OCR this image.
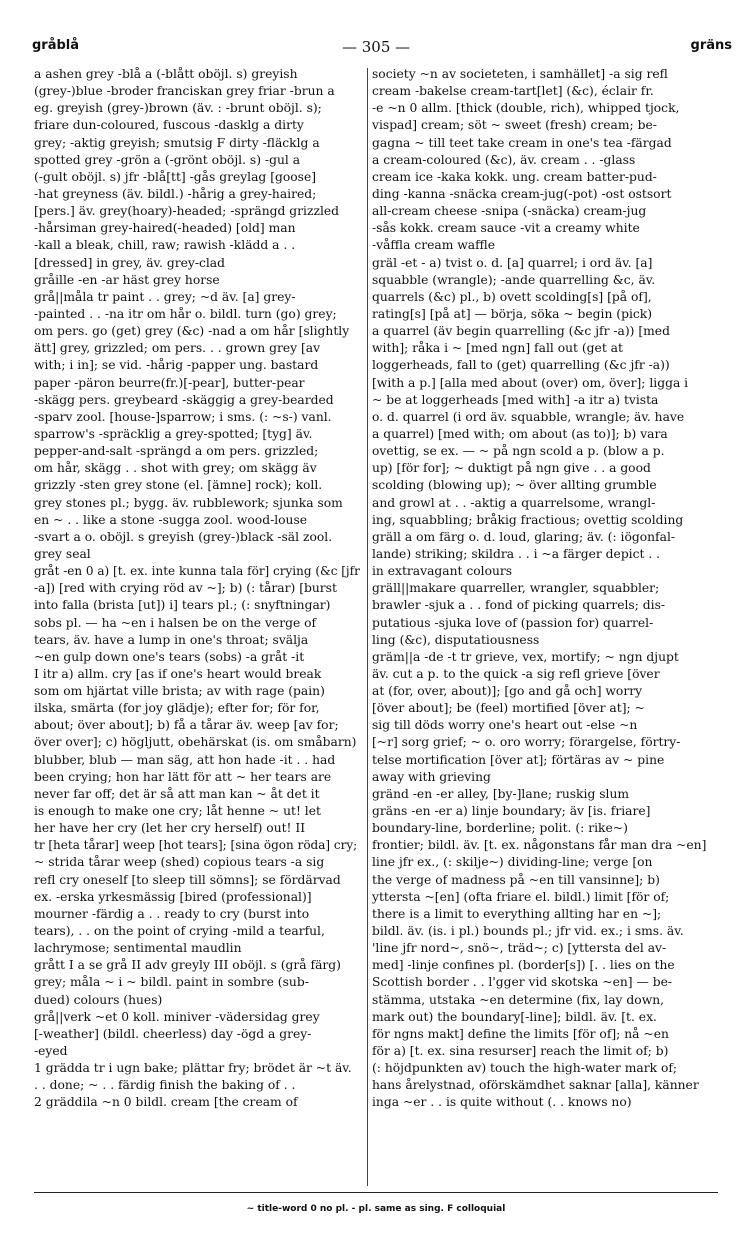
gråblå	— 305 —	gräns
a ashen grey -blå a (-blått oböjl. s) greyish
(grey-)blue -broder franciskan grey friar -brun a
eg. greyish (grey-)brown (äv. : -brunt oböjl. s);
friare dun-coloured, fuscous -dasklg a dirty
grey; -aktig greyish; smutsig F dirty -fläcklg a
spotted grey -grön a (-grönt oböjl. s) -gul a
(-gult oböjl. s) jfr -blå[tt] -gås greylag [goose]
-hat greyness (äv. bildl.) -hårig a grey-haired;
[pers.] äv. grey(hoary)-headed; -sprängd grizzled
-hårsiman grey-haired(-headed) [old] man
-kall a bleak, chill, raw; rawish -klädd a . .
[dressed] in grey, äv. grey-clad
gråille -en -ar häst grey horse
grå||måla tr paint . . grey; ~d äv. [a] grey-
-painted . . -na itr om hår o. bildl. turn (go) grey;
om pers. go (get) grey (&c) -nad a om hår [slightly
ätt] grey, grizzled; om pers. . . grown grey [av
with; i in]; se vid. -hårig -papper ung. bastard
paper -päron beurre(fr.)[-pear], butter-pear
-skägg pers. greybeard -skäggig a grey-bearded
-sparv zool. [house-]sparrow; i sms. (: ~s-) vanl.
sparrow's -spräcklig a grey-spotted; [tyg] äv.
pepper-and-salt -sprängd a om pers. grizzled;
om hår, skägg . . shot with grey; om skägg äv
grizzly -sten grey stone (el. [ämne] rock); koll.
grey stones pl.; bygg. äv. rubblework; sjunka som
en ~ . . like a stone -sugga zool. wood-louse
-svart a o. oböjl. s greyish (grey-)black -säl zool.
grey seal
gråt -en 0 a) [t. ex. inte kunna tala för] crying (&c [jfr
-a]) [red with crying röd av ~]; b) (: tårar) [burst
into falla (brista [ut]) i] tears pl.; (: snyftningar)
sobs pl. — ha ~en i halsen be on the verge of
tears, äv. have a lump in one's throat; svälja
~en gulp down one's tears (sobs) -a gråt -it
I itr a) allm. cry [as if one's heart would break
som om hjärtat ville brista; av with rage (pain)
ilska, smärta (for joy glädje); efter for; för for,
about; över about]; b) få a tårar äv. weep [av for;
över over]; c) högljutt, obehärskat (is. om småbarn)
blubber, blub — man säg, att hon hade -it . . had
been crying; hon har lätt för att ~ her tears are
never far off; det är så att man kan ~ åt det it
is enough to make one cry; låt henne ~ ut! let
her have her cry (let her cry herself) out! II
tr [heta tårar] weep [hot tears]; [sina ögon röda] cry;
~ strida tårar weep (shed) copious tears -a sig
refl cry oneself [to sleep till sömns]; se fördärvad
ex. -erska yrkesmässig [bired (professional)]
mourner -färdig a . . ready to cry (burst into
tears), . . on the point of crying -mild a tearful,
lachrymose; sentimental maudlin
grått I a se grå II adv greyly III oböjl. s (grå färg)
grey; måla ~ i ~ bildl. paint in sombre (sub-
dued) colours (hues)
grå||verk ~et 0 koll. miniver -vädersidag grey
[-weather] (bildl. cheerless) day -ögd a grey-
-eyed
1 grädda tr i ugn bake; plättar fry; brödet är ~t äv.
. . done; ~ . . färdig finish the baking of . .
2 gräddila ~n 0 bildl. cream [the cream of
society ~n av societeten, i samhället] -a sig refl
cream -bakelse cream-tart[let] (&c), éclair fr.
-e ~n 0 allm. [thick (double, rich), whipped tjock,
vispad] cream; söt ~ sweet (fresh) cream; be-
gagna ~ till teet take cream in one's tea -färgad
a cream-coloured (&c), äv. cream . . -glass
cream ice -kaka kokk. ung. cream batter-pud-
ding -kanna -snäcka cream-jug(-pot) -ost ostsort
all-cream cheese -snipa (-snäcka) cream-jug
-sås kokk. cream sauce -vit a creamy white
-våffla cream waffle
gräl -et - a) tvist o. d. [a] quarrel; i ord äv. [a]
squabble (wrangle); -ande quarrelling &c, äv.
quarrels (&c) pl., b) ovett scolding[s] [på of],
rating[s] [på at] — börja, söka ~ begin (pick)
a quarrel (äv begin quarrelling (&c jfr -a)) [med
with]; råka i ~ [med ngn] fall out (get at
loggerheads, fall to (get) quarrelling (&c jfr -a))
[with a p.] [alla med about (over) om, över]; ligga i
~ be at loggerheads [med with] -a itr a) tvista
o. d. quarrel (i ord äv. squabble, wrangle; äv. have
a quarrel) [med with; om about (as to)]; b) vara
ovettig, se ex. — ~ på ngn scold a p. (blow a p.
up) [för for]; ~ duktigt på ngn give . . a good
scolding (blowing up); ~ över allting grumble
and growl at . . -aktig a quarrelsome, wrangl-
ing, squabbling; bråkig fractious; ovettig scolding
gräll a om färg o. d. loud, glaring; äv. (: iögonfal-
lande) striking; skildra . . i ~a färger depict . .
in extravagant colours
gräll||makare quarreller, wrangler, squabbler;
brawler -sjuk a . . fond of picking quarrels; dis-
putatious -sjuka love of (passion for) quarrel-
ling (&c), disputatiousness
gräm||a -de -t tr grieve, vex, mortify; ~ ngn djupt
äv. cut a p. to the quick -a sig refl grieve [över
at (for, over, about)]; [go and gå och] worry
[över about]; be (feel) mortified [över at]; ~
sig till döds worry one's heart out -else ~n
[~r] sorg grief; ~ o. oro worry; förargelse, förtry-
telse mortification [över at]; förtäras av ~ pine
away with grieving
gränd -en -er alley, [by-]lane; ruskig slum
gräns -en -er a) linje boundary; äv [is. friare]
boundary-line, borderline; polit. (: rike~)
frontier; bildl. äv. [t. ex. någonstans får man dra ~en]
line jfr ex., (: skilje~) dividing-line; verge [on
the verge of madness på ~en till vansinne]; b)
yttersta ~[en] (ofta friare el. bildl.) limit [för of;
there is a limit to everything allting har en ~];
bildl. äv. (is. i pl.) bounds pl.; jfr vid. ex.; i sms. äv.
'line jfr nord~, snö~, träd~; c) [yttersta del av-
med] -linje confines pl. (border[s]) [. . lies on the
Scottish border . . l'gger vid skotska ~en] — be-
stämma, utstaka ~en determine (fix, lay down,
mark out) the boundary[-line]; bildl. äv. [t. ex.
för ngns makt] define the limits [för of]; nå ~en
för a) [t. ex. sina resurser] reach the limit of; b)
(: höjdpunkten av) touch the high-water mark of;
hans årelystnad, oförskämdhet saknar [alla], känner
inga ~er . . is quite without (. . knows no)
~ title-word 0 no pl. - pl. same as sing. F colloquial
